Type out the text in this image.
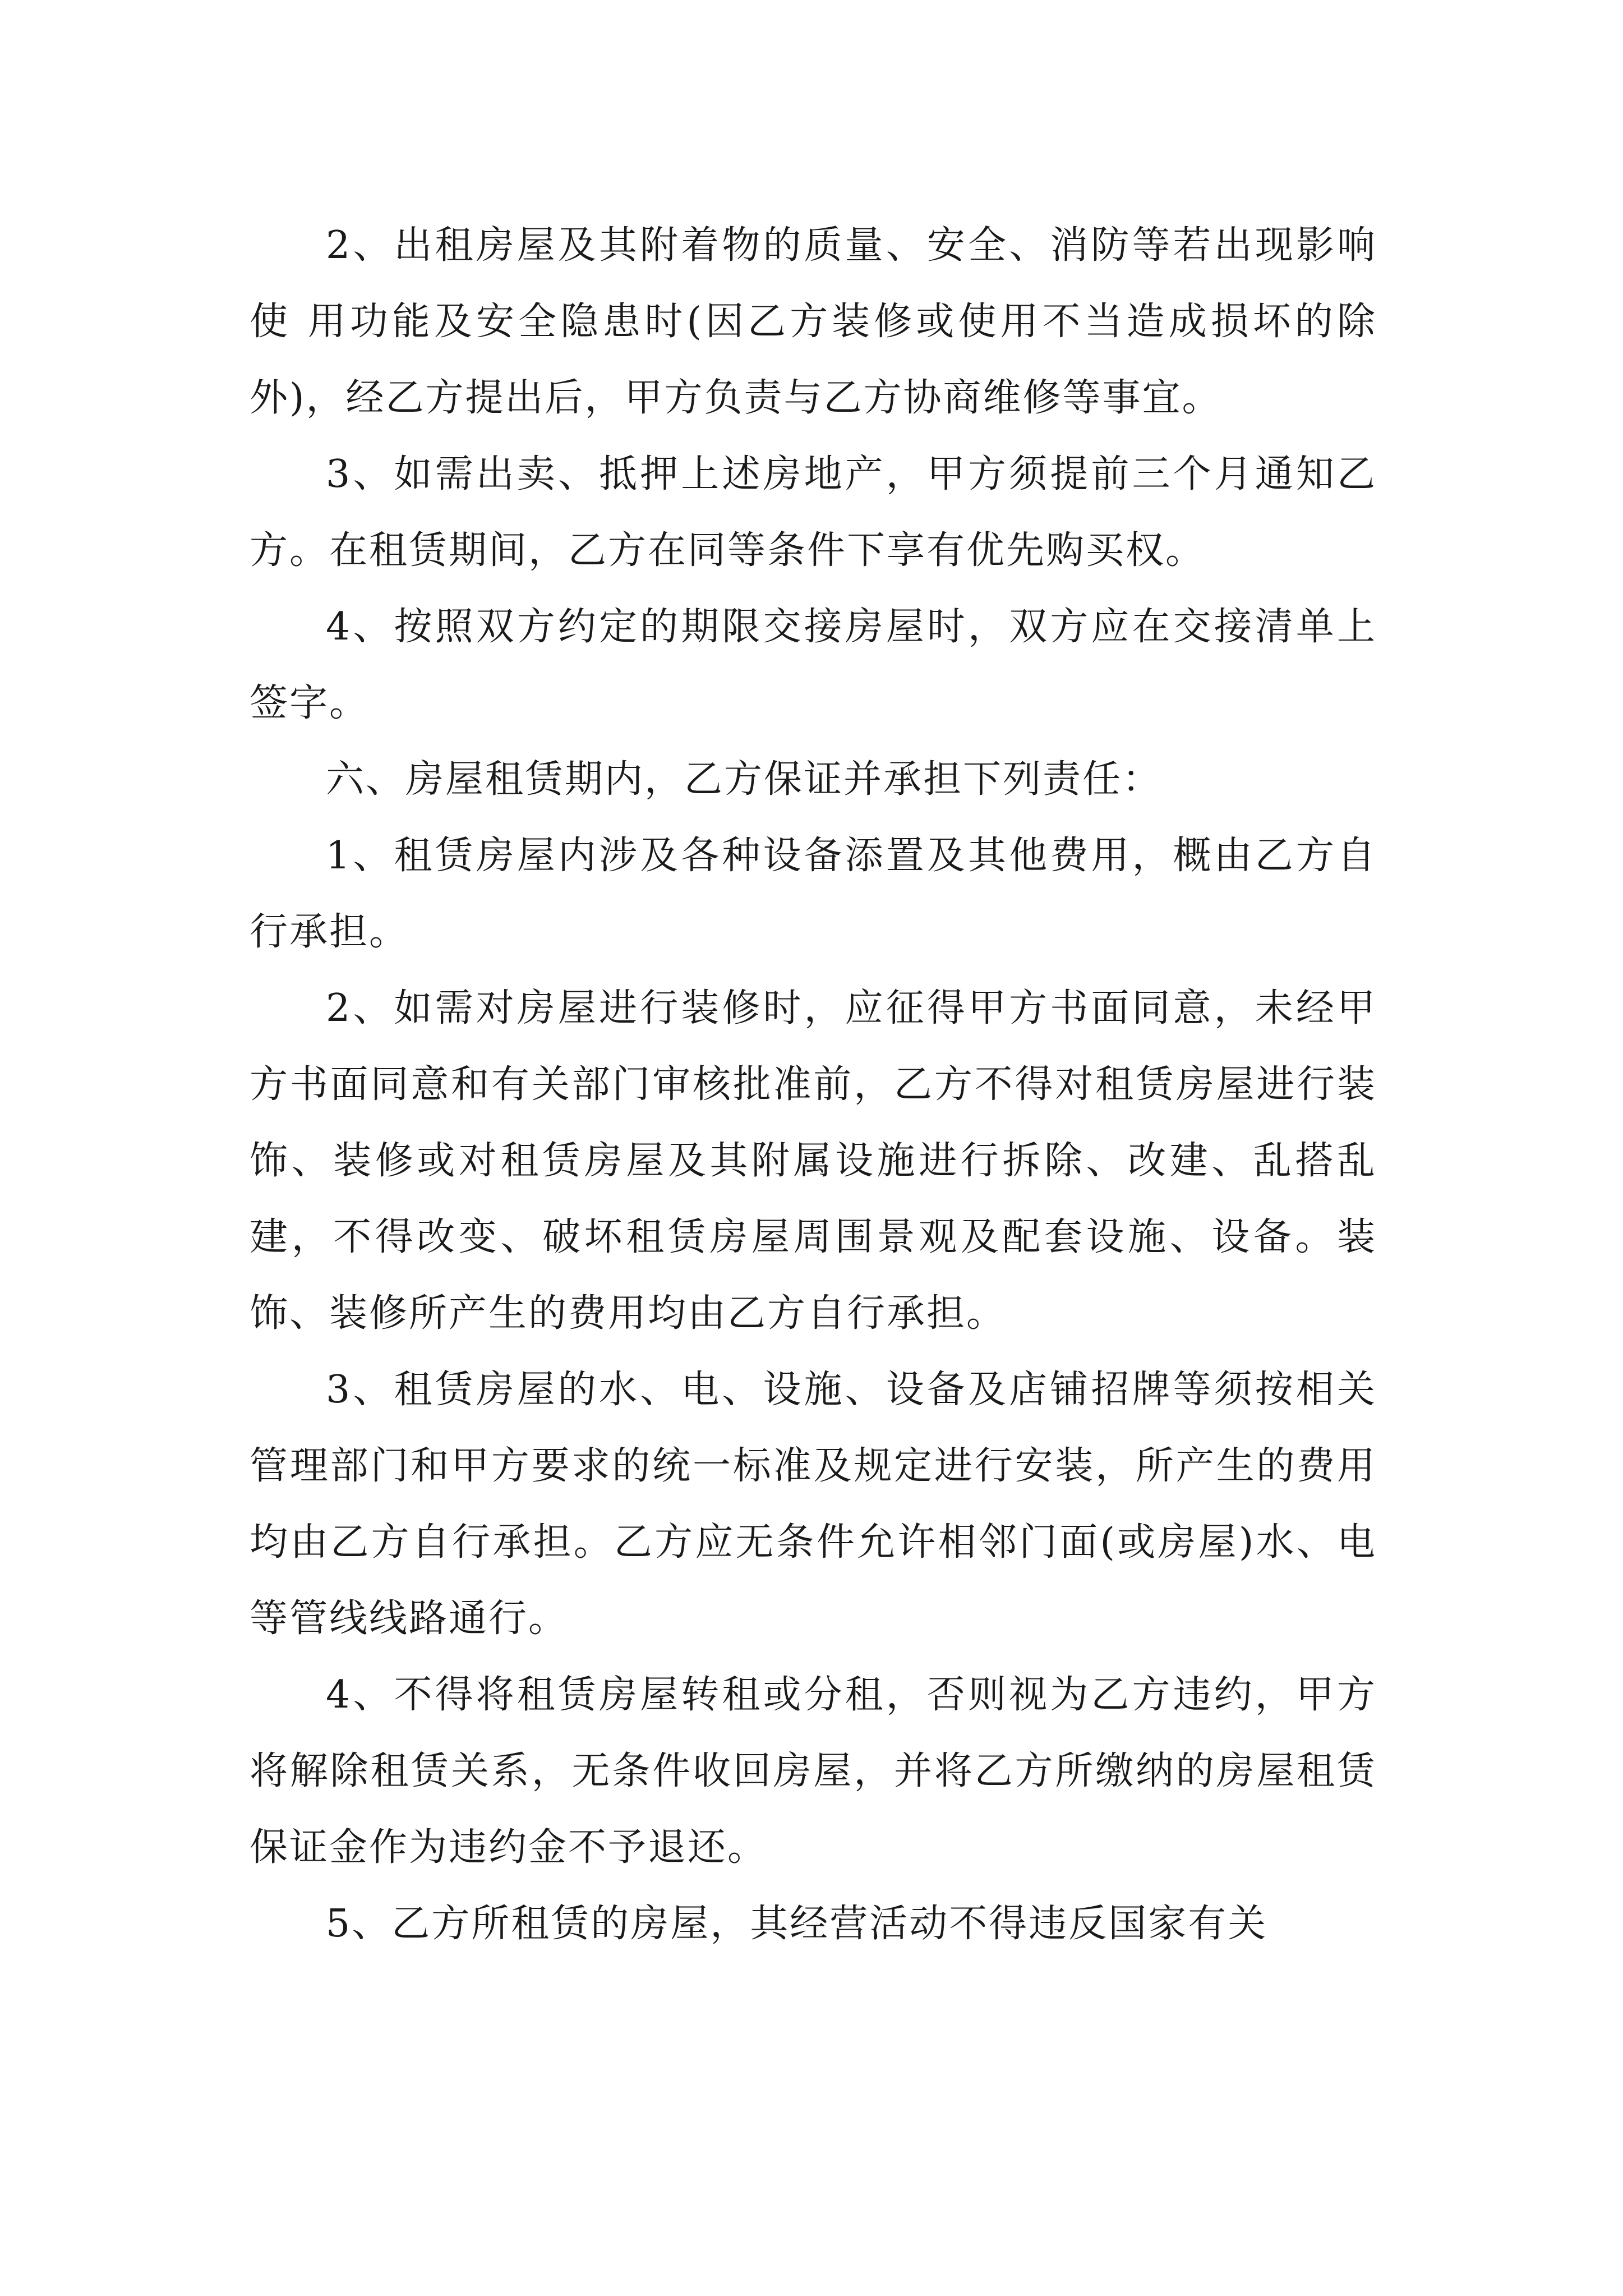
2、出租房屋及其附着物的质量、安全、消防等若出现影响使 用功能及安全隐患时(因乙方装修或使用不当造成损坏的除外)，经乙方提出后，甲方负责与乙方协商维修等事宜。

3、如需出卖、抵押上述房地产，甲方须提前三个月通知乙方。在租赁期间，乙方在同等条件下享有优先购买权。

4、按照双方约定的期限交接房屋时，双方应在交接清单上签字。

六、房屋租赁期内，乙方保证并承担下列责任：

1、租赁房屋内涉及各种设备添置及其他费用，概由乙方自行承担。

2、如需对房屋进行装修时，应征得甲方书面同意，未经甲方书面同意和有关部门审核批准前，乙方不得对租赁房屋进行装饰、装修或对租赁房屋及其附属设施进行拆除、改建、乱搭乱建，不得改变、破坏租赁房屋周围景观及配套设施、设备。装饰、装修所产生的费用均由乙方自行承担。

3、租赁房屋的水、电、设施、设备及店铺招牌等须按相关管理部门和甲方要求的统一标准及规定进行安装，所产生的费用均由乙方自行承担。乙方应无条件允许相邻门面(或房屋)水、电等管线线路通行。

4、不得将租赁房屋转租或分租，否则视为乙方违约，甲方将解除租赁关系，无条件收回房屋，并将乙方所缴纳的房屋租赁保证金作为违约金不予退还。

5、乙方所租赁的房屋，其经营活动不得违反国家有关
